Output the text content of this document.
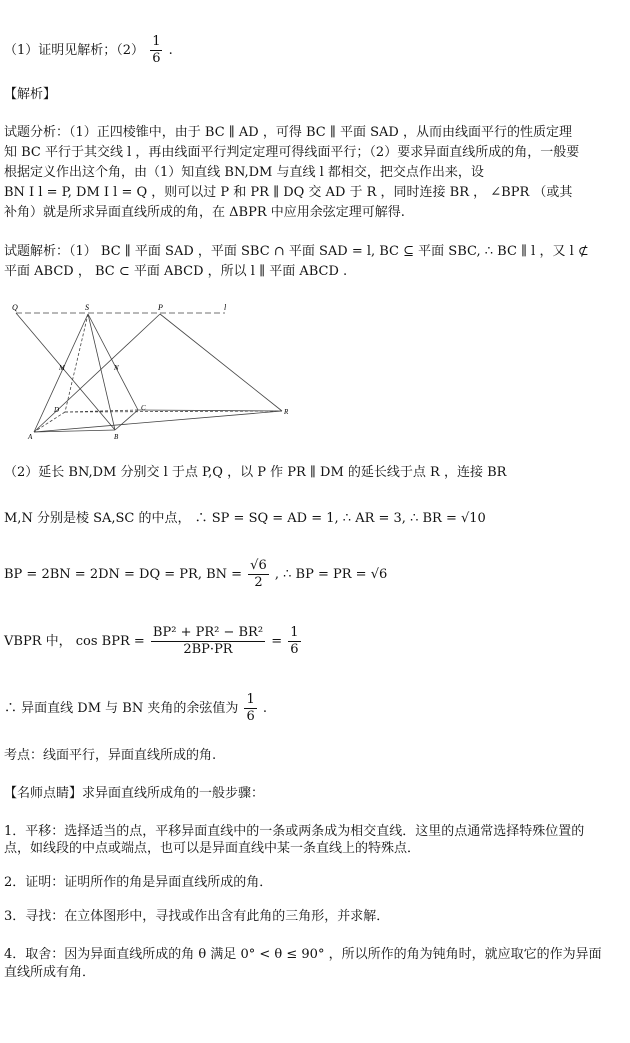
（1）证明见解析；$(2) \frac{1}{6}$ .
【解析】
试题分析：（1）正四棱锥中，由于 BC ∥ AD ，可得 BC ∥ 平面 SAD ，从而由线面平行的性质定理
知 BC 平行于其交线 l ，再由线面平行判定定理可得线面平行；（2）要求异面直线所成的角，一般要
根据定义作出这个角，由（1）知直线 BN,DM 与直线 l 都相交，把交点作出来，设
BN I l = P, DM I l = Q ，则可以过 P 和 PR ∥ DQ 交 AD 于 R ，同时连接 BR ， ∠BPR （或其
补角）就是所求异面直线所成的角，在 ΔBPR 中应用余弦定理可解得.
试题解析：（1） BC ∥ 平面 SAD ，平面 SBC ∩ 平面 SAD = l, BC ⊆ 平面 SBC, ∴ BC ∥ l ，又 l ⊄
平面 ABCD ， BC ⊂ 平面 ABCD ，所以 l ∥ 平面 ABCD .
Q	S	P	l
M	N
D	C
A	B
R
（2）延长 BN,DM 分别交 l 于点 P,Q ，以 P 作 PR ∥ DM 的延长线于点 R ，连接 BR
M,N 分别是棱 SA,SC 的中点， ∴ SP = SQ = AD = 1, ∴ AR = 3, ∴ BR = √10
BP = 2BN = 2DN = DQ = PR, BN = $\frac{√6}{2}$ , ∴ BP = PR = √6
VBPR 中， cos BPR = $\frac{\text{BP² + PR² − BR²}}{2BP\cdot PR} = \frac{1}{6}$
∴ 异面直线 DM 与 BN 夹角的余弦值为 $\frac{1}{6}$ .
考点：线面平行，异面直线所成的角.
【名师点睛】求异面直线所成角的一般步骤：
1．平移：选择适当的点，平移异面直线中的一条或两条成为相交直线．这里的点通常选择特殊位置的
点，如线段的中点或端点，也可以是异面直线中某一条直线上的特殊点．
2．证明：证明所作的角是异面直线所成的角．
3．寻找：在立体图形中，寻找或作出含有此角的三角形，并求解．
4．取舍：因为异面直线所成的角 θ 满足 0° < θ ≤ 90° ，所以所作的角为钝角时，就应取它的作为异面
直线所成有角．
